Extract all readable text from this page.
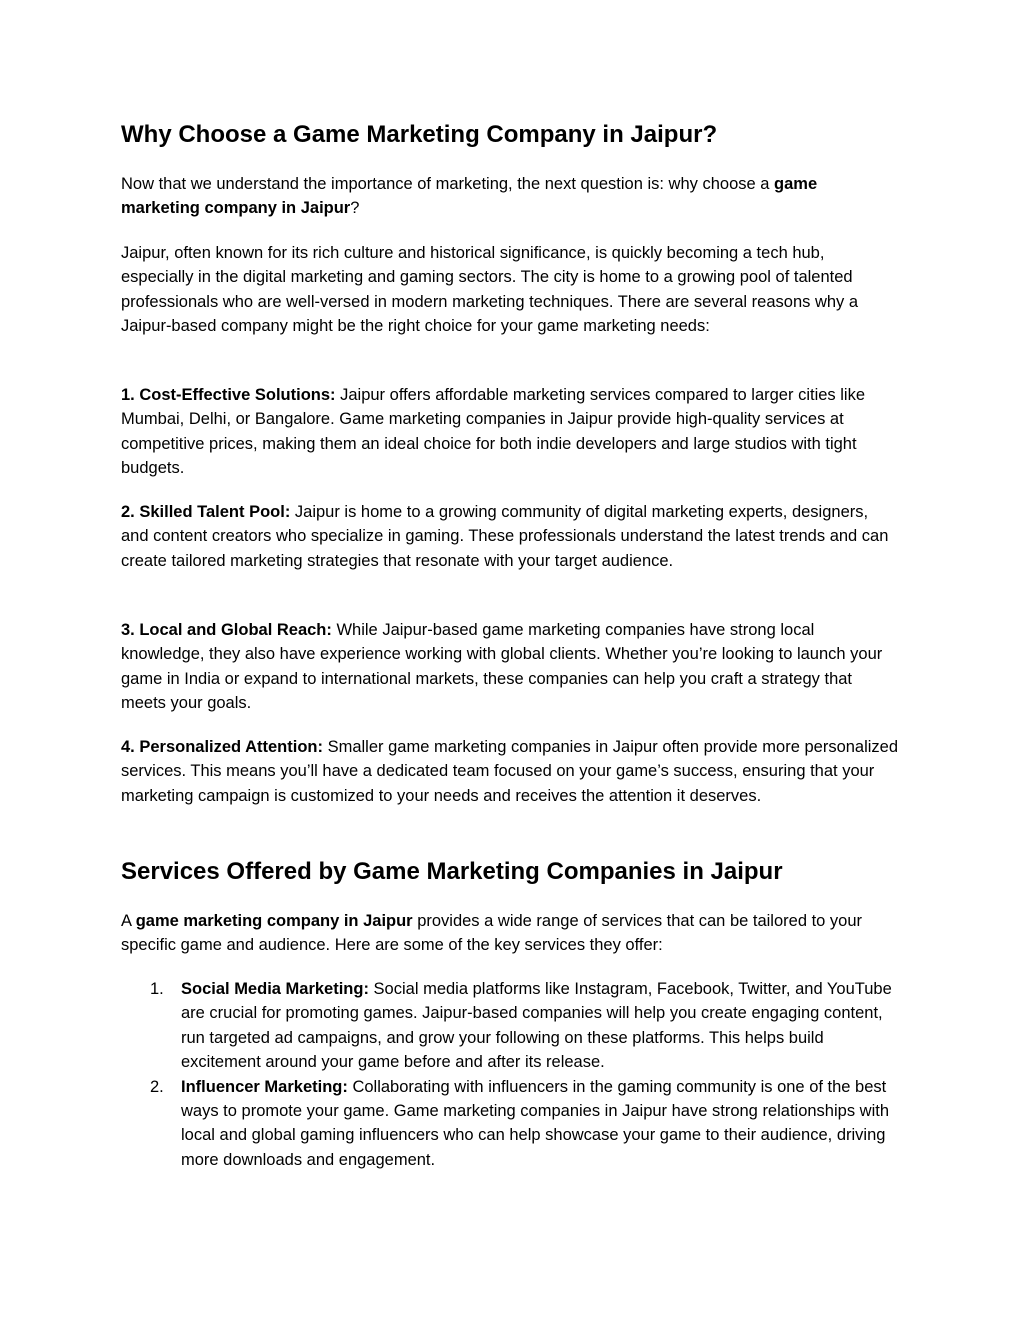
Why Choose a Game Marketing Company in Jaipur?

Now that we understand the importance of marketing, the next question is: why choose a game marketing company in Jaipur?

Jaipur, often known for its rich culture and historical significance, is quickly becoming a tech hub, especially in the digital marketing and gaming sectors. The city is home to a growing pool of talented professionals who are well-versed in modern marketing techniques. There are several reasons why a Jaipur-based company might be the right choice for your game marketing needs:

1. Cost-Effective Solutions: Jaipur offers affordable marketing services compared to larger cities like Mumbai, Delhi, or Bangalore. Game marketing companies in Jaipur provide high-quality services at competitive prices, making them an ideal choice for both indie developers and large studios with tight budgets.

2. Skilled Talent Pool: Jaipur is home to a growing community of digital marketing experts, designers, and content creators who specialize in gaming. These professionals understand the latest trends and can create tailored marketing strategies that resonate with your target audience.

3. Local and Global Reach: While Jaipur-based game marketing companies have strong local knowledge, they also have experience working with global clients. Whether you’re looking to launch your game in India or expand to international markets, these companies can help you craft a strategy that meets your goals.

4. Personalized Attention: Smaller game marketing companies in Jaipur often provide more personalized services. This means you’ll have a dedicated team focused on your game’s success, ensuring that your marketing campaign is customized to your needs and receives the attention it deserves.

Services Offered by Game Marketing Companies in Jaipur

A game marketing company in Jaipur provides a wide range of services that can be tailored to your specific game and audience. Here are some of the key services they offer:

1. Social Media Marketing: Social media platforms like Instagram, Facebook, Twitter, and YouTube are crucial for promoting games. Jaipur-based companies will help you create engaging content, run targeted ad campaigns, and grow your following on these platforms. This helps build excitement around your game before and after its release.
2. Influencer Marketing: Collaborating with influencers in the gaming community is one of the best ways to promote your game. Game marketing companies in Jaipur have strong relationships with local and global gaming influencers who can help showcase your game to their audience, driving more downloads and engagement.
